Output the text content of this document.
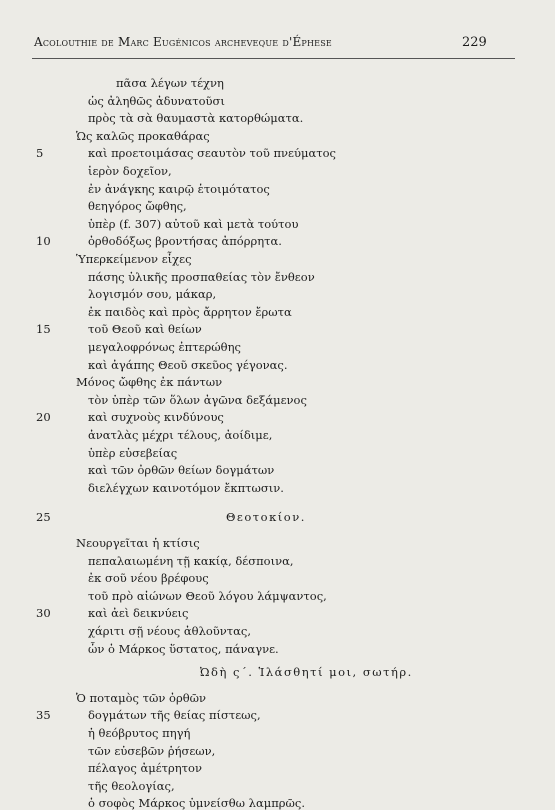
Acolouthie de Marc Eugénicos archeveque d'Éphese	229
πᾶσα λέγων τέχνη
ὡς ἀληθῶς ἀδυνατοῦσι
πρὸς τὰ σὰ θαυμαστὰ κατορθώματα.
Ὡς καλῶς προκαθάρας
καὶ προετοιμάσας σεαυτὸν τοῦ πνεύματος
ἱερὸν δοχεῖον,
ἐν ἀνάγκης καιρῷ ἑτοιμότατος
θεηγόρος ὤφθης,
ὑπὲρ (f. 307) αὐτοῦ καὶ μετὰ τούτου
ὀρθοδόξως βροντήσας ἀπόρρητα.
Ὑπερκείμενον εἶχες
πάσης ὑλικῆς προσπαθείας τὸν ἔνθεον
λογισμόν σου, μάκαρ,
ἐκ παιδὸς καὶ πρὸς ἄρρητον ἔρωτα
τοῦ Θεοῦ καὶ θείων
μεγαλοφρόνως ἐπτερώθης
καὶ ἀγάπης Θεοῦ σκεῦος γέγονας.
Μόνος ὤφθης ἐκ πάντων
τὸν ὑπὲρ τῶν ὅλων ἀγῶνα δεξάμενος
καὶ συχνοὺς κινδύνους
ἀνατλὰς μέχρι τέλους, ἀοίδιμε,
ὑπὲρ εὐσεβείας
καὶ τῶν ὀρθῶν θείων δογμάτων
διελέγχων καινοτόμον ἔκπτωσιν.
Θεοτοκίον.
Νεουργεῖται ἡ κτίσις
πεπαλαιωμένη τῇ κακίᾳ, δέσποινα,
ἐκ σοῦ νέου βρέφους
τοῦ πρὸ αἰώνων Θεοῦ λόγου λάμψαντος,
καὶ ἀεὶ δεικνύεις
χάριτι σῇ νέους ἀθλοῦντας,
ὧν ὁ Μάρκος ὕστατος, πάναγνε.
Ὠδὴ ς´. Ἱλάσθητί μοι, σωτήρ.
Ὁ ποταμὸς τῶν ὀρθῶν
δογμάτων τῆς θείας πίστεως,
ἡ θεόβρυτος πηγή
τῶν εὐσεβῶν ῥήσεων,
πέλαγος ἀμέτρητον
τῆς θεολογίας,
ὁ σοφὸς Μάρκος ὑμνείσθω λαμπρῶς.
5
10
15
20
25
30
35
